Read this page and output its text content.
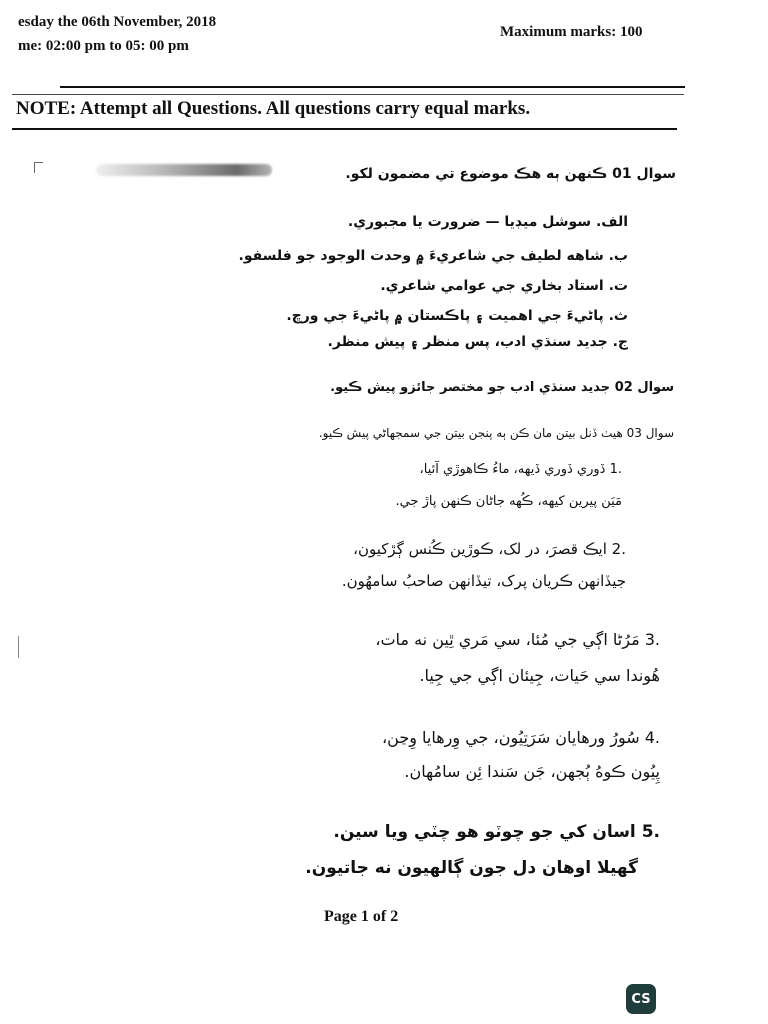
esday the 06th November, 2018
me: 02:00 pm to 05: 00 pm
Maximum marks: 100
NOTE: Attempt all Questions. All questions carry equal marks.
سوال 01 ڪنهن ٻه هڪ موضوع تي مضمون لکو.
الف. سوشل ميڊيا — ضرورت يا مجبوري.
ب. شاهه لطيف جي شاعريءَ ۾ وحدت الوجود جو فلسفو.
ت. استاد بخاري جي عوامي شاعري.
ث. پاڻيءَ جي اهميت ۽ پاڪستان ۾ پاڻيءَ جي ورڇ.
ج. جديد سنڌي ادب، پس منظر ۽ پيش منظر.
سوال 02 جديد سنڌي ادب جو مختصر جائزو پيش ڪيو.
سوال 03 هيٺ ڏنل بيتن مان ڪن ٻه پنجن بيتن جي سمجهاڻي پيش ڪيو.
.1 ڏوري ڏوري ڏيهه، ماءُ ڪاهوڙي آئيا،
مَيَن پيرين کيهه، ڪُهه جاڻان ڪنهن پاڙ جي.
.2 ايڪ قصرَ، در لک، ڪوڙين ڪُنس ڳڙکيون،
جيڏانهن ڪريان پرک، تيڏانهن صاحبُ سامهُون.
.3 مَرُڻا اڳي جي مُئا، سي مَري ٿِين نه مات،
هُوندا سي حَيات، جِيئان اڳي جي جِيا.
.4 سُورُ ورهايان سَرَتِيُون، جي وِرهايا وِڃن،
پِيُون ڪوهُ ٻُجهن، جَن سَندا ئِن سامُهان.
.5 اسان کي جو چوٽو هو چٽي ويا سين.
گهيلا اوهان دل جون ڳالهيون نه جاتيون.
Page 1 of 2
CS
